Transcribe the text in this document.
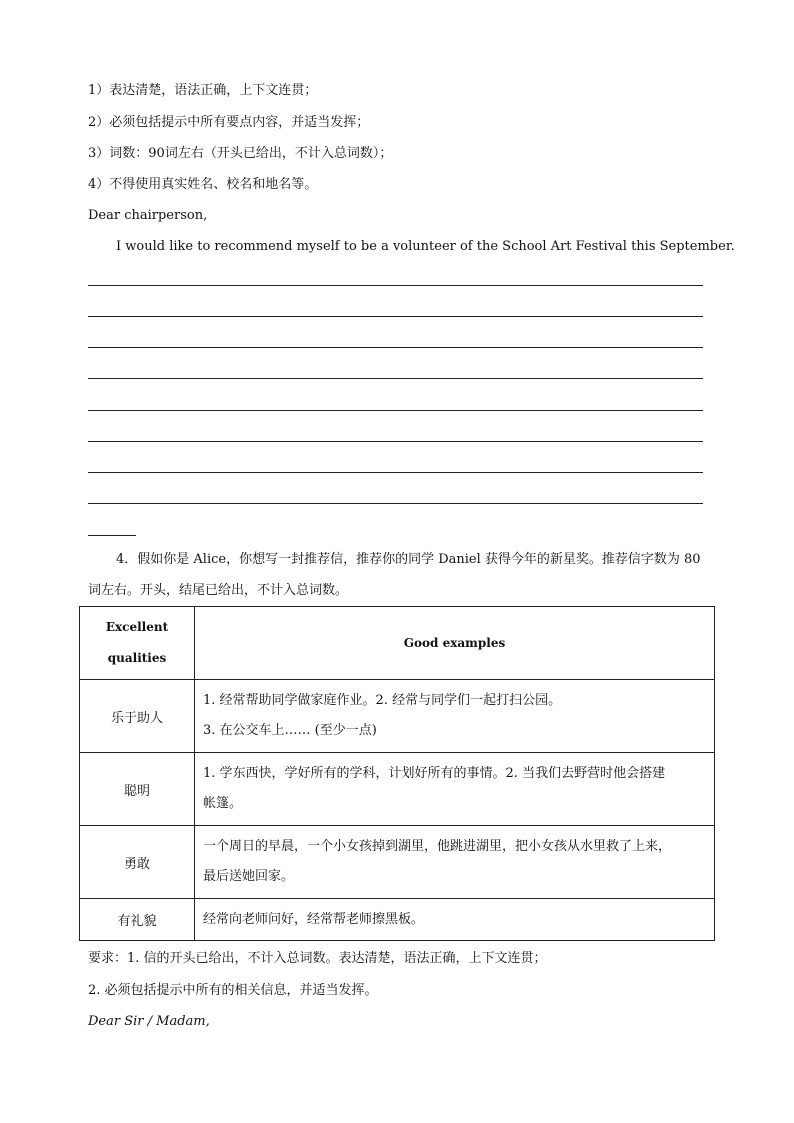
1）表达清楚，语法正确，上下文连贯；
2）必须包括提示中所有要点内容，并适当发挥；
3）词数：90词左右（开头已给出，不计入总词数）；
4）不得使用真实姓名、校名和地名等。
Dear chairperson,
I would like to recommend myself to be a volunteer of the School Art Festival this September.
4．假如你是 Alice，你想写一封推荐信，推荐你的同学 Daniel 获得今年的新星奖。推荐信字数为 80
词左右。开头，结尾已给出，不计入总词数。
Excellent
qualities	Good examples
乐于助人	1. 经常帮助同学做家庭作业。2. 经常与同学们一起打扫公园。
3. 在公交车上…… (至少一点)

聪明	1. 学东西快，学好所有的学科，计划好所有的事情。2. 当我们去野营时他会搭建
帐篷。

勇敢	一个周日的早晨，一个小女孩掉到湖里，他跳进湖里，把小女孩从水里救了上来，
最后送她回家。

有礼貌	经常向老师问好，经常帮老师擦黑板。
要求：1. 信的开头已给出，不计入总词数。表达清楚，语法正确，上下文连贯；
2. 必须包括提示中所有的相关信息，并适当发挥。
Dear Sir / Madam,
